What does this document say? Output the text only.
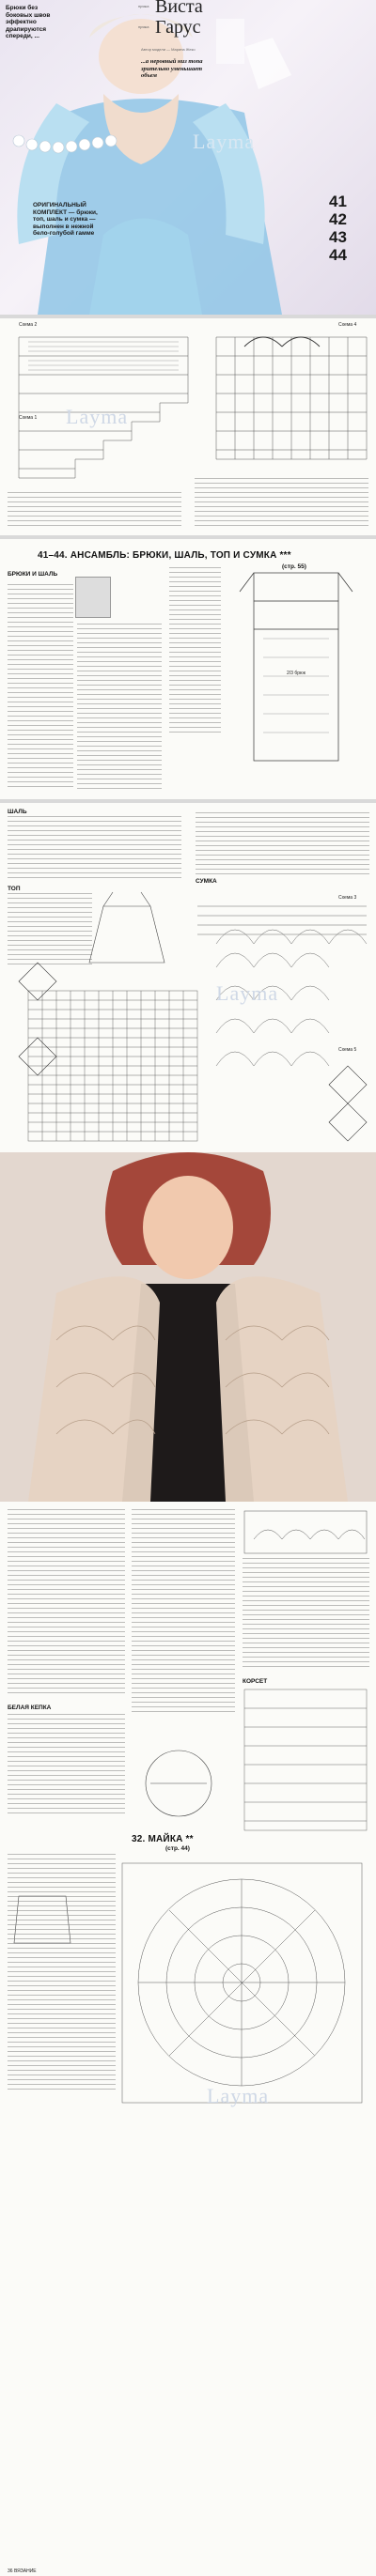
Брюки без боковых швов эффектно драпируются спереди, ...
пряжа Виста
пряжа Гарус
Автор модели — Марина Жеко
...а неровный низ топа зрительно уменьшает объем
Layma
ОРИГИНАЛЬНЫЙ КОМПЛЕКТ — брюки, топ, шаль и сумка — выполнен в нежной бело-голубой гамме
41
42
43
44
Схема 2	Схема 4
Схема 1 Layma
41–44. АНСАМБЛЬ: БРЮКИ, ШАЛЬ, ТОП И СУМКА ***
(стр. 55)
БРЮКИ И ШАЛЬ
2/3 брюк
ШАЛЬ
ТОП
СУМКА
Схема 3
Схема 5
Layma
БЕЛАЯ КЕПКА
КОРСЕТ
32. МАЙКА **
(стр. 44)
Layma
36 ВЯЗАНИЕ
